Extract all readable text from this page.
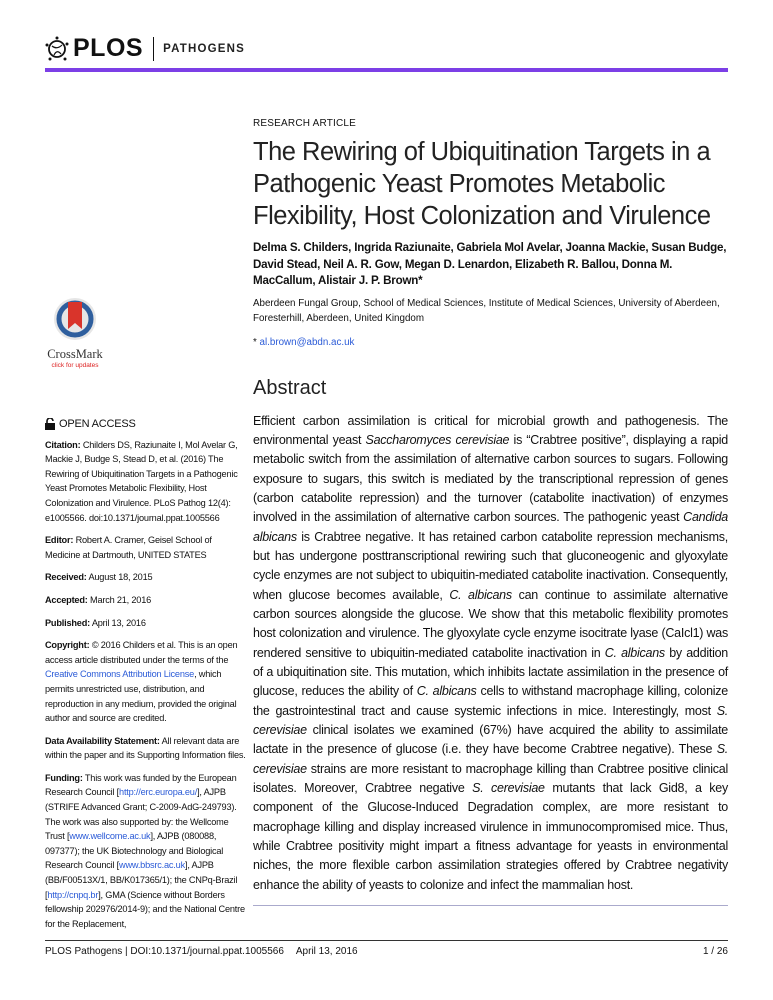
PLOS PATHOGENS
CrossMark
click for updates
OPEN ACCESS

Citation: Childers DS, Raziunaite I, Mol Avelar G, Mackie J, Budge S, Stead D, et al. (2016) The Rewiring of Ubiquitination Targets in a Pathogenic Yeast Promotes Metabolic Flexibility, Host Colonization and Virulence. PLoS Pathog 12(4): e1005566. doi:10.1371/journal.ppat.1005566

Editor: Robert A. Cramer, Geisel School of Medicine at Dartmouth, UNITED STATES

Received: August 18, 2015

Accepted: March 21, 2016

Published: April 13, 2016

Copyright: © 2016 Childers et al. This is an open access article distributed under the terms of the Creative Commons Attribution License, which permits unrestricted use, distribution, and reproduction in any medium, provided the original author and source are credited.

Data Availability Statement: All relevant data are within the paper and its Supporting Information files.

Funding: This work was funded by the European Research Council [http://erc.europa.eu/], AJPB (STRIFE Advanced Grant; C-2009-AdG-249793). The work was also supported by: the Wellcome Trust [www.wellcome.ac.uk], AJPB (080088, 097377); the UK Biotechnology and Biological Research Council [www.bbsrc.ac.uk], AJPB (BB/F00513X/1, BB/K017365/1); the CNPq-Brazil [http://cnpq.br], GMA (Science without Borders fellowship 202976/2014-9); and the National Centre for the Replacement,

RESEARCH ARTICLE
The Rewiring of Ubiquitination Targets in a Pathogenic Yeast Promotes Metabolic Flexibility, Host Colonization and Virulence
Delma S. Childers, Ingrida Raziunaite, Gabriela Mol Avelar, Joanna Mackie, Susan Budge, David Stead, Neil A. R. Gow, Megan D. Lenardon, Elizabeth R. Ballou, Donna M. MacCallum, Alistair J. P. Brown*
Aberdeen Fungal Group, School of Medical Sciences, Institute of Medical Sciences, University of Aberdeen, Foresterhill, Aberdeen, United Kingdom
* al.brown@abdn.ac.uk
Abstract
Efficient carbon assimilation is critical for microbial growth and pathogenesis. The environmental yeast Saccharomyces cerevisiae is “Crabtree positive”, displaying a rapid metabolic switch from the assimilation of alternative carbon sources to sugars. Following exposure to sugars, this switch is mediated by the transcriptional repression of genes (carbon catabolite repression) and the turnover (catabolite inactivation) of enzymes involved in the assimilation of alternative carbon sources. The pathogenic yeast Candida albicans is Crabtree negative. It has retained carbon catabolite repression mechanisms, but has undergone posttranscriptional rewiring such that gluconeogenic and glyoxylate cycle enzymes are not subject to ubiquitin-mediated catabolite inactivation. Consequently, when glucose becomes available, C. albicans can continue to assimilate alternative carbon sources alongside the glucose. We show that this metabolic flexibility promotes host colonization and virulence. The glyoxylate cycle enzyme isocitrate lyase (CaIcl1) was rendered sensitive to ubiquitin-mediated catabolite inactivation in C. albicans by addition of a ubiquitination site. This mutation, which inhibits lactate assimilation in the presence of glucose, reduces the ability of C. albicans cells to withstand macrophage killing, colonize the gastrointestinal tract and cause systemic infections in mice. Interestingly, most S. cerevisiae clinical isolates we examined (67%) have acquired the ability to assimilate lactate in the presence of glucose (i.e. they have become Crabtree negative). These S. cerevisiae strains are more resistant to macrophage killing than Crabtree positive clinical isolates. Moreover, Crabtree negative S. cerevisiae mutants that lack Gid8, a key component of the Glucose-Induced Degradation complex, are more resistant to macrophage killing and display increased virulence in immunocompromised mice. Thus, while Crabtree positivity might impart a fitness advantage for yeasts in environmental niches, the more flexible carbon assimilation strategies offered by Crabtree negativity enhance the ability of yeasts to colonize and infect the mammalian host.
PLOS Pathogens | DOI:10.1371/journal.ppat.1005566 April 13, 2016	1 / 26
